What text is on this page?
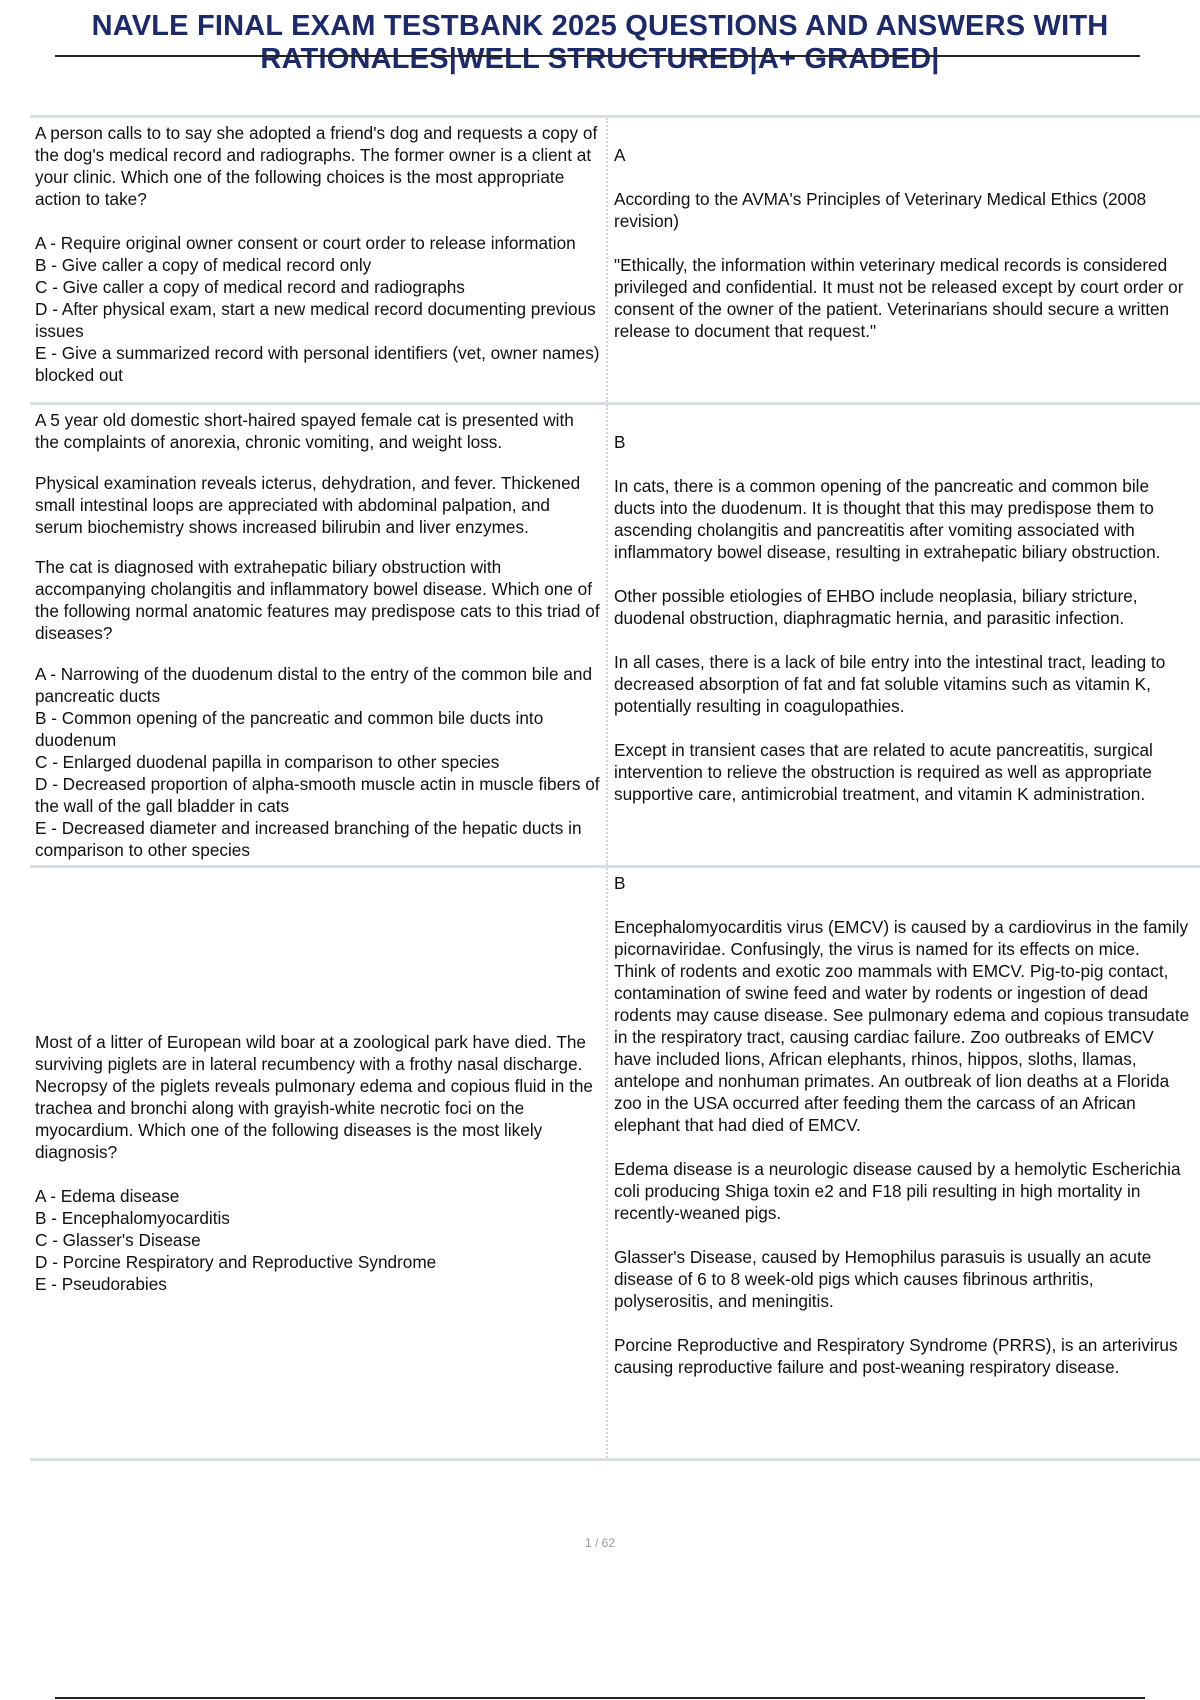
NAVLE FINAL EXAM TESTBANK 2025 QUESTIONS AND ANSWERS WITH
RATIONALES|WELL STRUCTURED|A+ GRADED|

A person calls to to say she adopted a friend's dog and requests a copy of the dog's medical record and radiographs. The former owner is a client at your clinic. Which one of the following choices is the most appropriate action to take?

A - Require original owner consent or court order to release information

B - Give caller a copy of medical record only

C - Give caller a copy of medical record and radiographs

D - After physical exam, start a new medical record documenting previous issues

E - Give a summarized record with personal identifiers (vet, owner names) blocked out

A

According to the AVMA's Principles of Veterinary Medical Ethics (2008 revision)

"Ethically, the information within veterinary medical records is considered privileged and confidential. It must not be released except by court order or consent of the owner of the patient. Veterinarians should secure a written release to document that request."

A 5 year old domestic short-haired spayed female cat is presented with the complaints of anorexia, chronic vomiting, and weight loss.

Physical examination reveals icterus, dehydration, and fever. Thickened small intestinal loops are appreciated with abdominal palpation, and serum biochemistry shows increased bilirubin and liver enzymes.

The cat is diagnosed with extrahepatic biliary obstruction with accompanying cholangitis and inflammatory bowel disease. Which one of the following normal anatomic features may predispose cats to this triad of diseases?

A - Narrowing of the duodenum distal to the entry of the common bile and pancreatic ducts

B - Common opening of the pancreatic and common bile ducts into duodenum

C - Enlarged duodenal papilla in comparison to other species

D - Decreased proportion of alpha-smooth muscle actin in muscle fibers of the wall of the gall bladder in cats

E - Decreased diameter and increased branching of the hepatic ducts in comparison to other species

B

In cats, there is a common opening of the pancreatic and common bile ducts into the duodenum. It is thought that this may predispose them to ascending cholangitis and pancreatitis after vomiting associated with inflammatory bowel disease, resulting in extrahepatic biliary obstruction.

Other possible etiologies of EHBO include neoplasia, biliary stricture, duodenal obstruction, diaphragmatic hernia, and parasitic infection.

In all cases, there is a lack of bile entry into the intestinal tract, leading to decreased absorption of fat and fat soluble vitamins such as vitamin K, potentially resulting in coagulopathies.

Except in transient cases that are related to acute pancreatitis, surgical intervention to relieve the obstruction is required as well as appropriate supportive care, antimicrobial treatment, and vitamin K administration.

Most of a litter of European wild boar at a zoological park have died. The surviving piglets are in lateral recumbency with a frothy nasal discharge. Necropsy of the piglets reveals pulmonary edema and copious fluid in the trachea and bronchi along with grayish-white necrotic foci on the myocardium. Which one of the following diseases is the most likely diagnosis?

A - Edema disease

B - Encephalomyocarditis

C - Glasser's Disease

D - Porcine Respiratory and Reproductive Syndrome

E - Pseudorabies

B

Encephalomyocarditis virus (EMCV) is caused by a cardiovirus in the family picornaviridae. Confusingly, the virus is named for its effects on mice.

Think of rodents and exotic zoo mammals with EMCV. Pig-to-pig contact, contamination of swine feed and water by rodents or ingestion of dead rodents may cause disease. See pulmonary edema and copious transudate in the respiratory tract, causing cardiac failure. Zoo outbreaks of EMCV have included lions, African elephants, rhinos, hippos, sloths, llamas, antelope and nonhuman primates. An outbreak of lion deaths at a Florida zoo in the USA occurred after feeding them the carcass of an African elephant that had died of EMCV.

Edema disease is a neurologic disease caused by a hemolytic Escherichia coli producing Shiga toxin e2 and F18 pili resulting in high mortality in recently-weaned pigs.

Glasser's Disease, caused by Hemophilus parasuis is usually an acute disease of 6 to 8 week-old pigs which causes fibrinous arthritis, polyserositis, and meningitis.

Porcine Reproductive and Respiratory Syndrome (PRRS), is an arterivirus causing reproductive failure and post-weaning respiratory disease.

1 / 62
